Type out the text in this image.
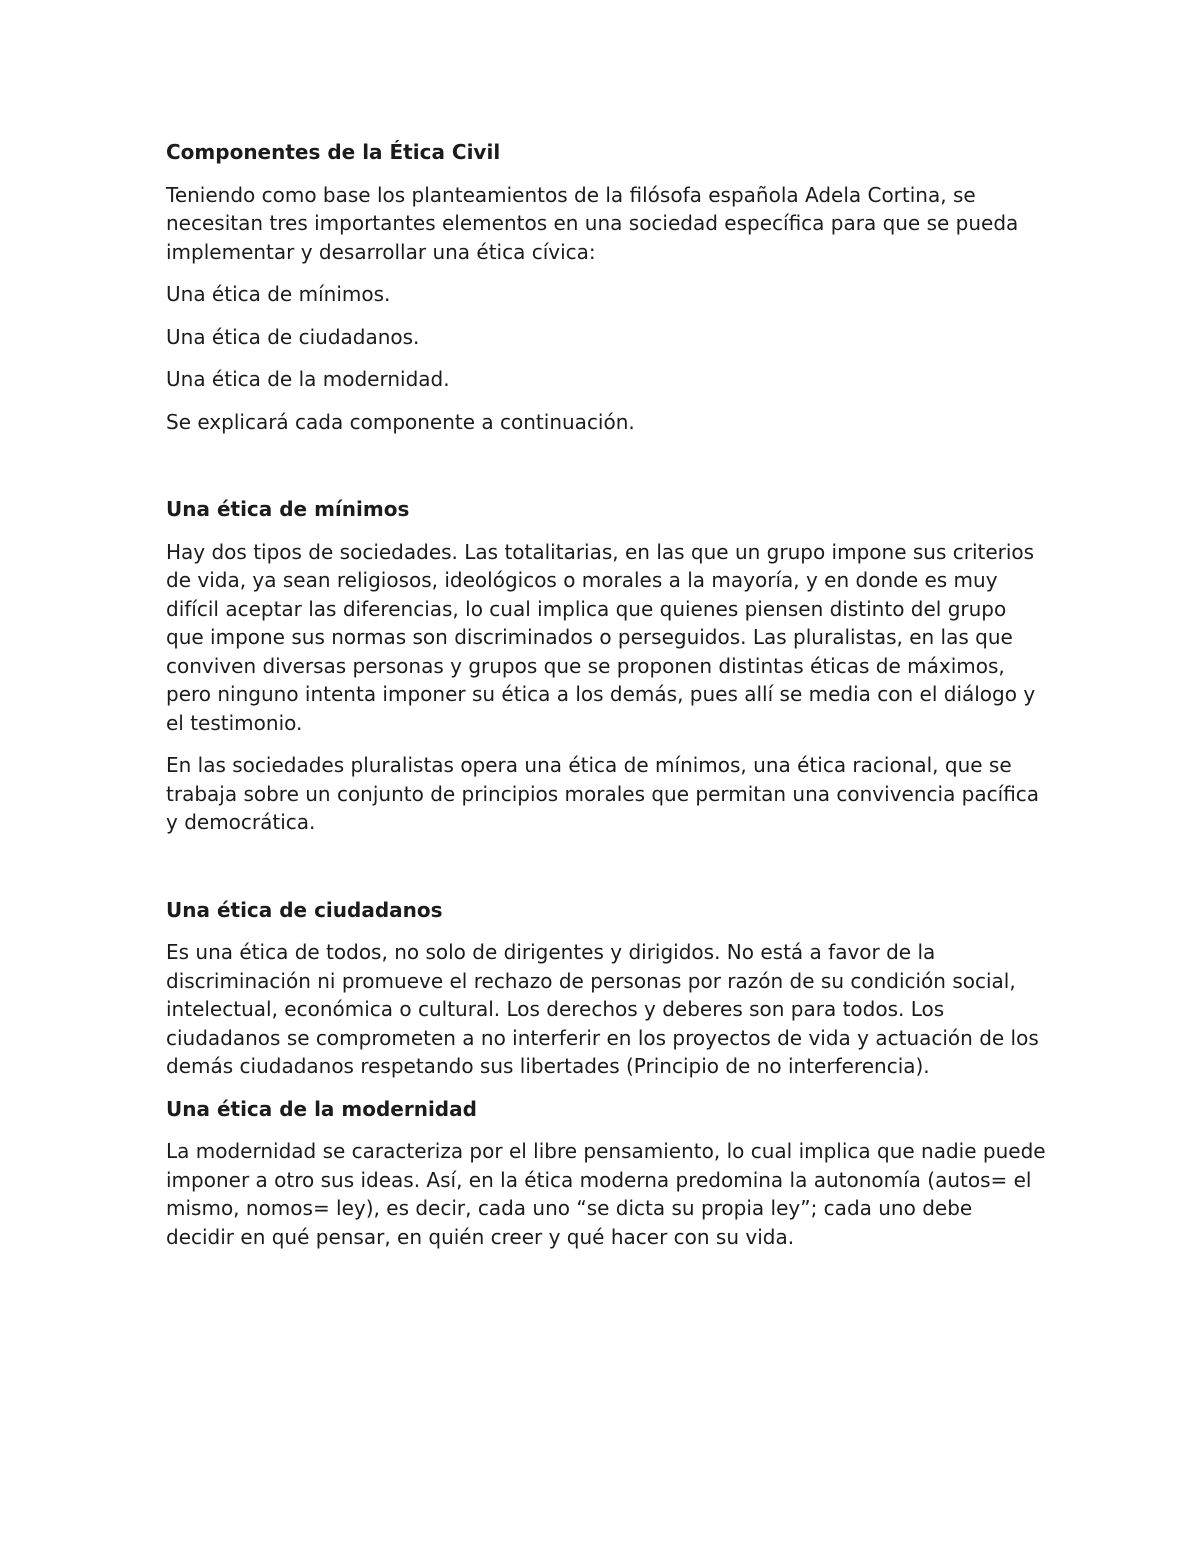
Componentes de la Ética Civil
Teniendo como base los planteamientos de la filósofa española Adela Cortina, se necesitan tres importantes elementos en una sociedad específica para que se pueda implementar y desarrollar una ética cívica:
Una ética de mínimos.
Una ética de ciudadanos.
Una ética de la modernidad.
Se explicará cada componente a continuación.
Una ética de mínimos
Hay dos tipos de sociedades. Las totalitarias, en las que un grupo impone sus criterios de vida, ya sean religiosos, ideológicos o morales a la mayoría, y en donde es muy difícil aceptar las diferencias, lo cual implica que quienes piensen distinto del grupo que impone sus normas son discriminados o perseguidos. Las pluralistas, en las que conviven diversas personas y grupos que se proponen distintas éticas de máximos, pero ninguno intenta imponer su ética a los demás, pues allí se media con el diálogo y el testimonio.
En las sociedades pluralistas opera una ética de mínimos, una ética racional, que se trabaja sobre un conjunto de principios morales que permitan una convivencia pacífica y democrática.
Una ética de ciudadanos
Es una ética de todos, no solo de dirigentes y dirigidos. No está a favor de la discriminación ni promueve el rechazo de personas por razón de su condición social, intelectual, económica o cultural. Los derechos y deberes son para todos. Los ciudadanos se comprometen a no interferir en los proyectos de vida y actuación de los demás ciudadanos respetando sus libertades (Principio de no interferencia).
Una ética de la modernidad
La modernidad se caracteriza por el libre pensamiento, lo cual implica que nadie puede imponer a otro sus ideas. Así, en la ética moderna predomina la autonomía (autos= el mismo, nomos= ley), es decir, cada uno “se dicta su propia ley”; cada uno debe decidir en qué pensar, en quién creer y qué hacer con su vida.
